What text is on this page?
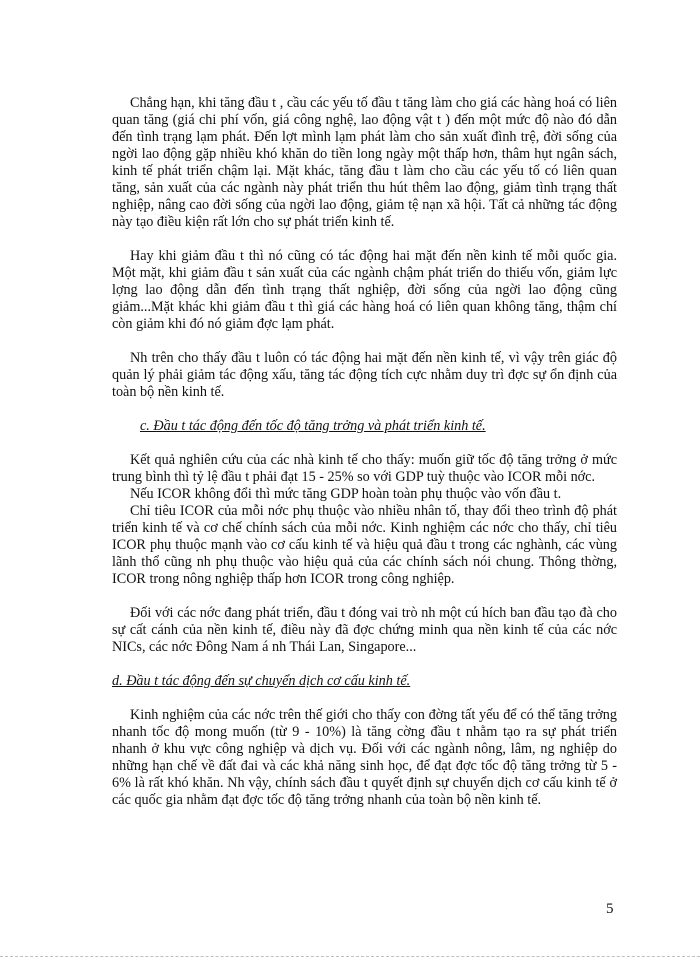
Chẳng hạn, khi tăng đầu t , cầu các yếu tố đầu t tăng làm cho giá các hàng hoá có liên quan tăng (giá chi phí vốn, giá công nghệ, lao động vật t ) đến một mức độ nào đó dẫn đến tình trạng lạm phát. Đến lợt mình lạm phát làm cho sản xuất đình trệ, đời sống của ngời lao động gặp nhiều khó khăn do tiền long ngày một thấp hơn, thâm hụt ngân sách, kinh tế phát triển chậm lại. Mặt khác, tăng đầu t làm cho cầu các yếu tố có liên quan tăng, sản xuất của các ngành này phát triển thu hút thêm lao động, giảm tình trạng thất nghiệp, nâng cao đời sống của ngời lao động, giảm tệ nạn xã hội. Tất cả những tác động này tạo điều kiện rất lớn cho sự phát triển kinh tế.

Hay khi giảm đầu t thì nó cũng có tác động hai mặt đến nền kinh tế mỗi quốc gia. Một mặt, khi giảm đầu t sản xuất của các ngành chậm phát triển do thiếu vốn, giảm lực lợng lao động dẫn đến tình trạng thất nghiệp, đời sống của ngời lao động cũng giảm...Mặt khác khi giảm đầu t thì giá các hàng hoá có liên quan không tăng, thậm chí còn giảm khi đó nó giảm đợc lạm phát.

Nh trên cho thấy đầu t luôn có tác động hai mặt đến nền kinh tế, vì vậy trên giác độ quản lý phải giảm tác động xấu, tăng tác động tích cực nhằm duy trì đợc sự ổn định của toàn bộ nền kinh tế.

c. Đầu t tác động đến tốc độ tăng trởng và phát triển kinh tế.

Kết quả nghiên cứu của các nhà kinh tế cho thấy: muốn giữ tốc độ tăng trởng ở mức trung bình thì tỷ lệ đầu t phải đạt 15 - 25% so với GDP tuỳ thuộc vào ICOR mỗi nớc.

Nếu ICOR không đổi thì mức tăng GDP hoàn toàn phụ thuộc vào vốn đầu t.

Chỉ tiêu ICOR của mỗi nớc phụ thuộc vào nhiều nhân tố, thay đổi theo trình độ phát triển kinh tế và cơ chế chính sách của mỗi nớc. Kinh nghiệm các nớc cho thấy, chỉ tiêu ICOR phụ thuộc mạnh vào cơ cấu kinh tế và hiệu quả đầu t trong các nghành, các vùng lãnh thổ cũng nh phụ thuộc vào hiệu quả của các chính sách nói chung. Thông thờng, ICOR trong nông nghiệp thấp hơn ICOR trong công nghiệp.

Đối với các nớc đang phát triển, đầu t đóng vai trò nh một cú hích ban đầu tạo đà cho sự cất cánh của nền kinh tế, điều này đã đợc chứng minh qua nền kinh tế của các nớc NICs, các nớc Đông Nam á nh Thái Lan, Singapore...

d. Đầu t tác động đến sự chuyển dịch cơ cấu kinh tế.

Kinh nghiệm của các nớc trên thế giới cho thấy con đờng tất yếu để có thể tăng trởng nhanh tốc độ mong muốn (từ 9 - 10%) là tăng cờng đầu t nhằm tạo ra sự phát triển nhanh ở khu vực công nghiệp và dịch vụ. Đối với các ngành nông, lâm, ng nghiệp do những hạn chế về đất đai và các khả năng sinh học, để đạt đợc tốc độ tăng trởng từ 5 - 6% là rất khó khăn. Nh vậy, chính sách đầu t quyết định sự chuyển dịch cơ cấu kinh tế ở các quốc gia nhằm đạt đợc tốc độ tăng trởng nhanh của toàn bộ nền kinh tế.

5
